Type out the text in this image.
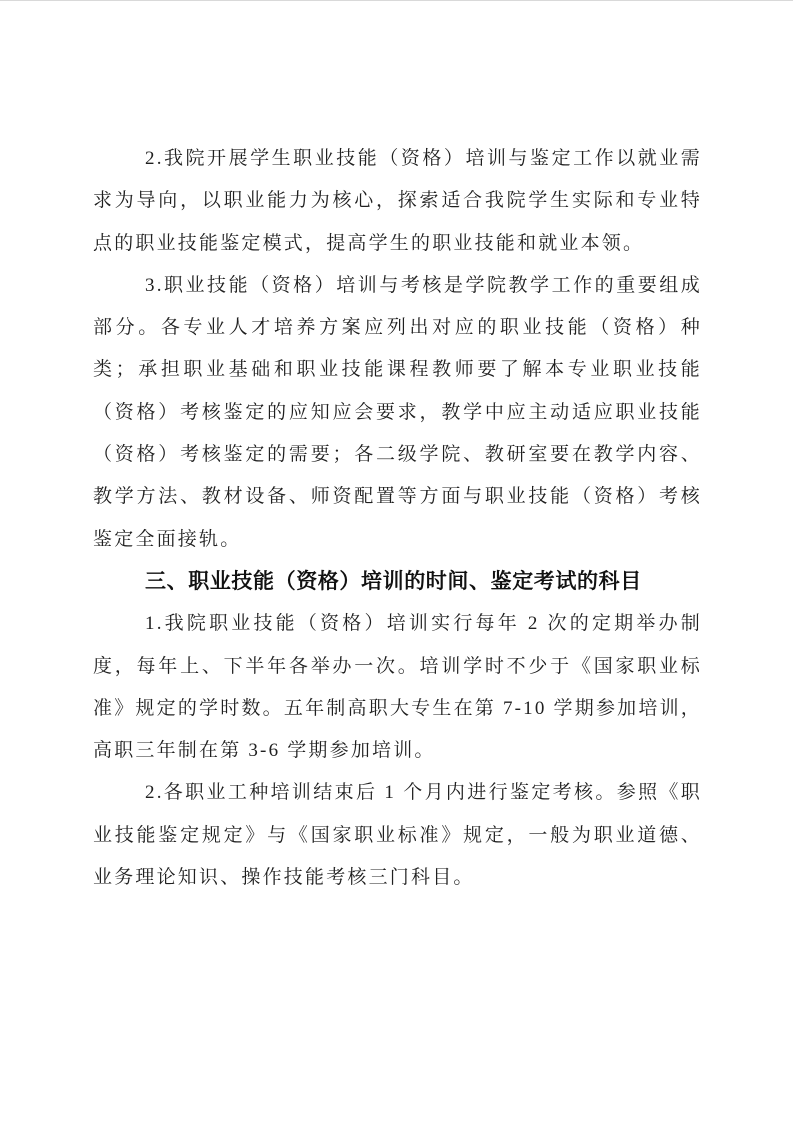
2.我院开展学生职业技能（资格）培训与鉴定工作以就业需求为导向，以职业能力为核心，探索适合我院学生实际和专业特点的职业技能鉴定模式，提高学生的职业技能和就业本领。

3.职业技能（资格）培训与考核是学院教学工作的重要组成部分。各专业人才培养方案应列出对应的职业技能（资格）种类；承担职业基础和职业技能课程教师要了解本专业职业技能（资格）考核鉴定的应知应会要求，教学中应主动适应职业技能（资格）考核鉴定的需要；各二级学院、教研室要在教学内容、教学方法、教材设备、师资配置等方面与职业技能（资格）考核鉴定全面接轨。

三、职业技能（资格）培训的时间、鉴定考试的科目

1.我院职业技能（资格）培训实行每年 2 次的定期举办制度，每年上、下半年各举办一次。培训学时不少于《国家职业标准》规定的学时数。五年制高职大专生在第 7-10 学期参加培训，高职三年制在第 3-6 学期参加培训。

2.各职业工种培训结束后 1 个月内进行鉴定考核。参照《职业技能鉴定规定》与《国家职业标准》规定，一般为职业道德、业务理论知识、操作技能考核三门科目。
